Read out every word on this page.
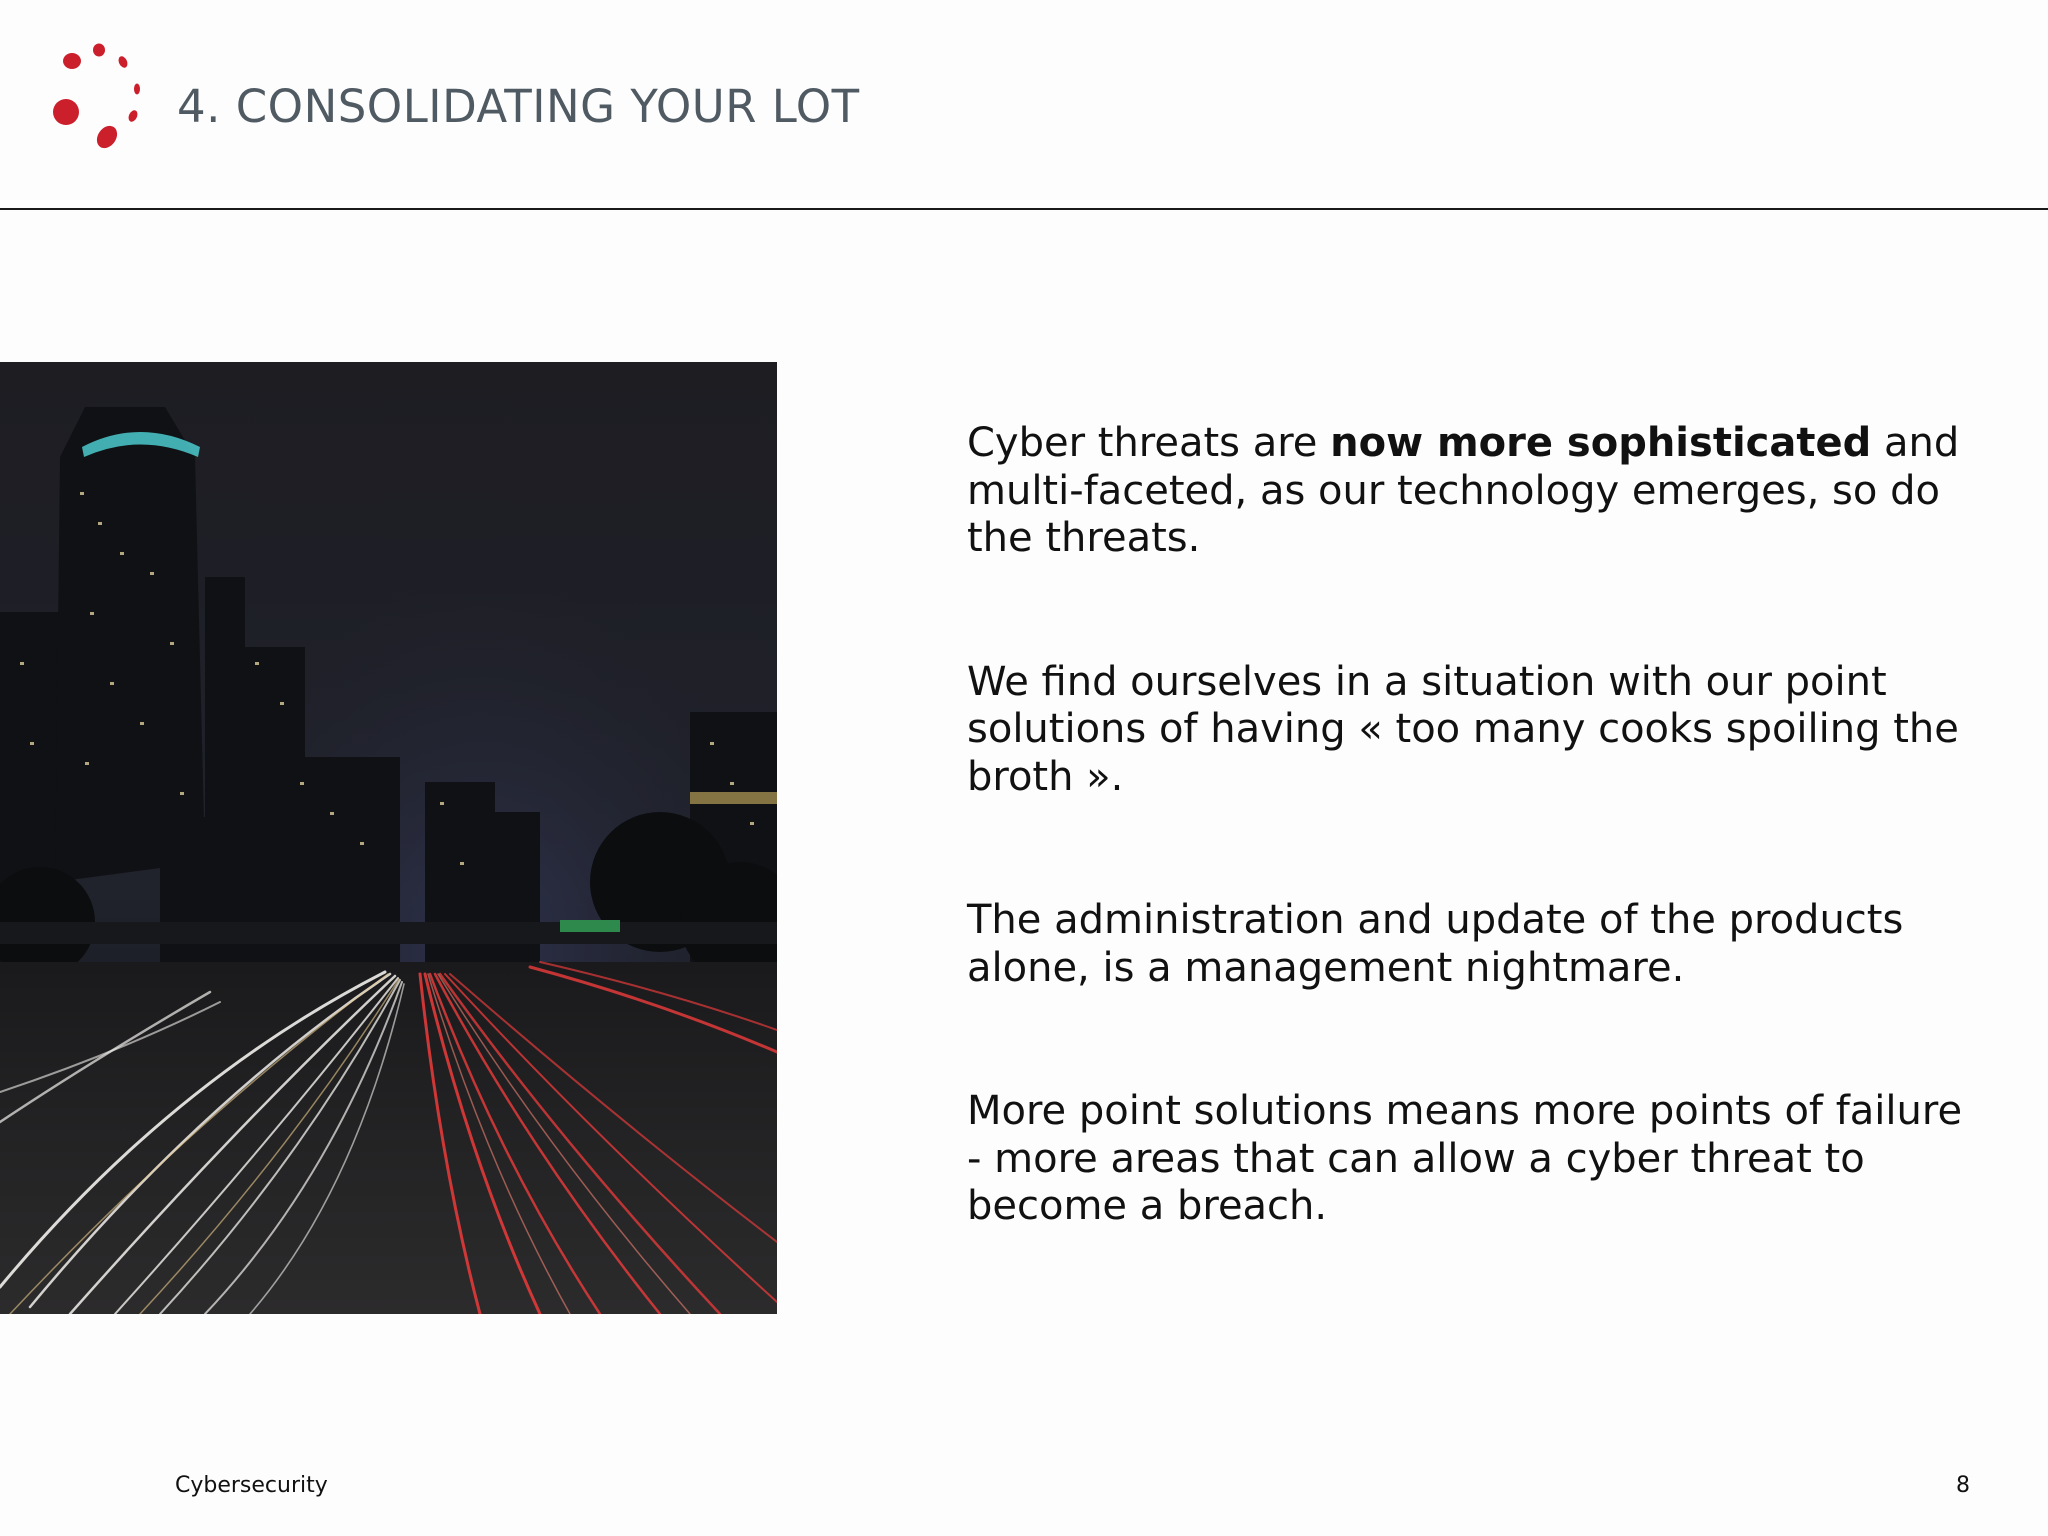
4. CONSOLIDATING YOUR LOT

Cyber threats are now more sophisticated and multi-faceted, as our technology emerges, so do the threats.

We find ourselves in a situation with our point solutions of having « too many cooks spoiling the broth ».

The administration and update of the products alone, is a management nightmare.

More point solutions means more points of failure - more areas that can allow a cyber threat to become a breach.

Cybersecurity	8
